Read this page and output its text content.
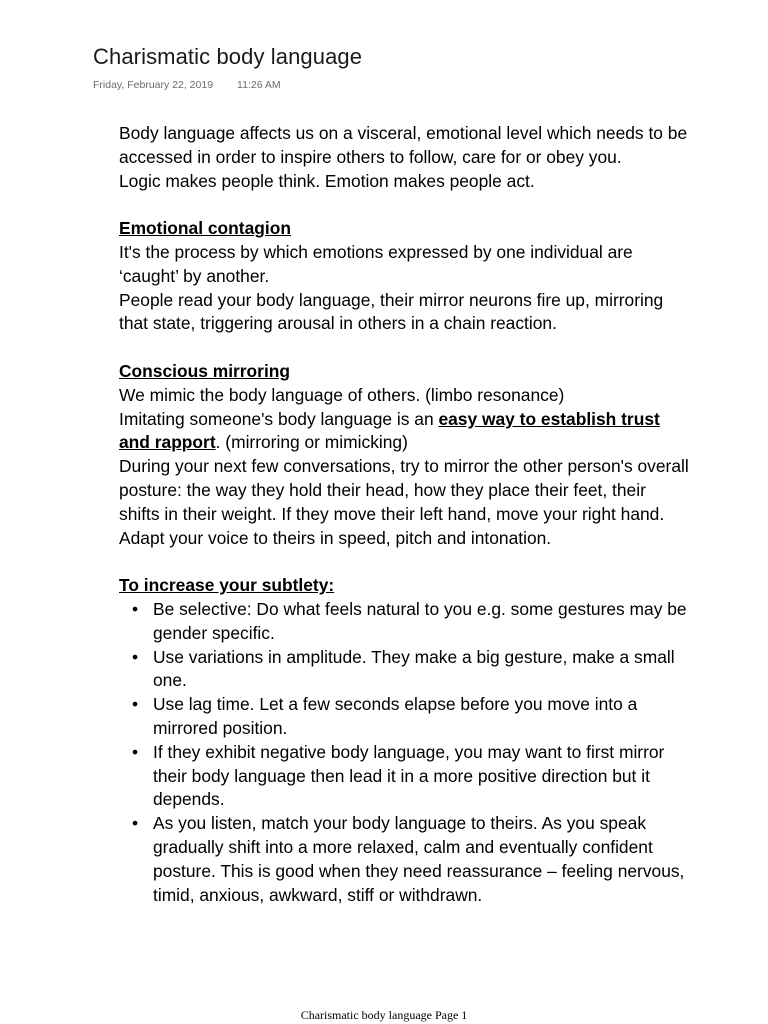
Charismatic body language
Friday, February 22, 2019 11:26 AM

Body language affects us on a visceral, emotional level which needs to be accessed in order to inspire others to follow, care for or obey you.

Logic makes people think. Emotion makes people act.

Emotional contagion

It's the process by which emotions expressed by one individual are ‘caught’ by another.

People read your body language, their mirror neurons fire up, mirroring that state, triggering arousal in others in a chain reaction.

Conscious mirroring

We mimic the body language of others. (limbo resonance)

Imitating someone's body language is an easy way to establish trust and rapport. (mirroring or mimicking)

During your next few conversations, try to mirror the other person's overall posture: the way they hold their head, how they place their feet, their shifts in their weight. If they move their left hand, move your right hand. Adapt your voice to theirs in speed, pitch and intonation.

To increase your subtlety:

• Be selective: Do what feels natural to you e.g. some gestures may be gender specific.
• Use variations in amplitude. They make a big gesture, make a small one.
• Use lag time. Let a few seconds elapse before you move into a mirrored position.
• If they exhibit negative body language, you may want to first mirror their body language then lead it in a more positive direction but it depends.
• As you listen, match your body language to theirs. As you speak gradually shift into a more relaxed, calm and eventually confident posture. This is good when they need reassurance – feeling nervous, timid, anxious, awkward, stiff or withdrawn.
Charismatic body language Page 1
